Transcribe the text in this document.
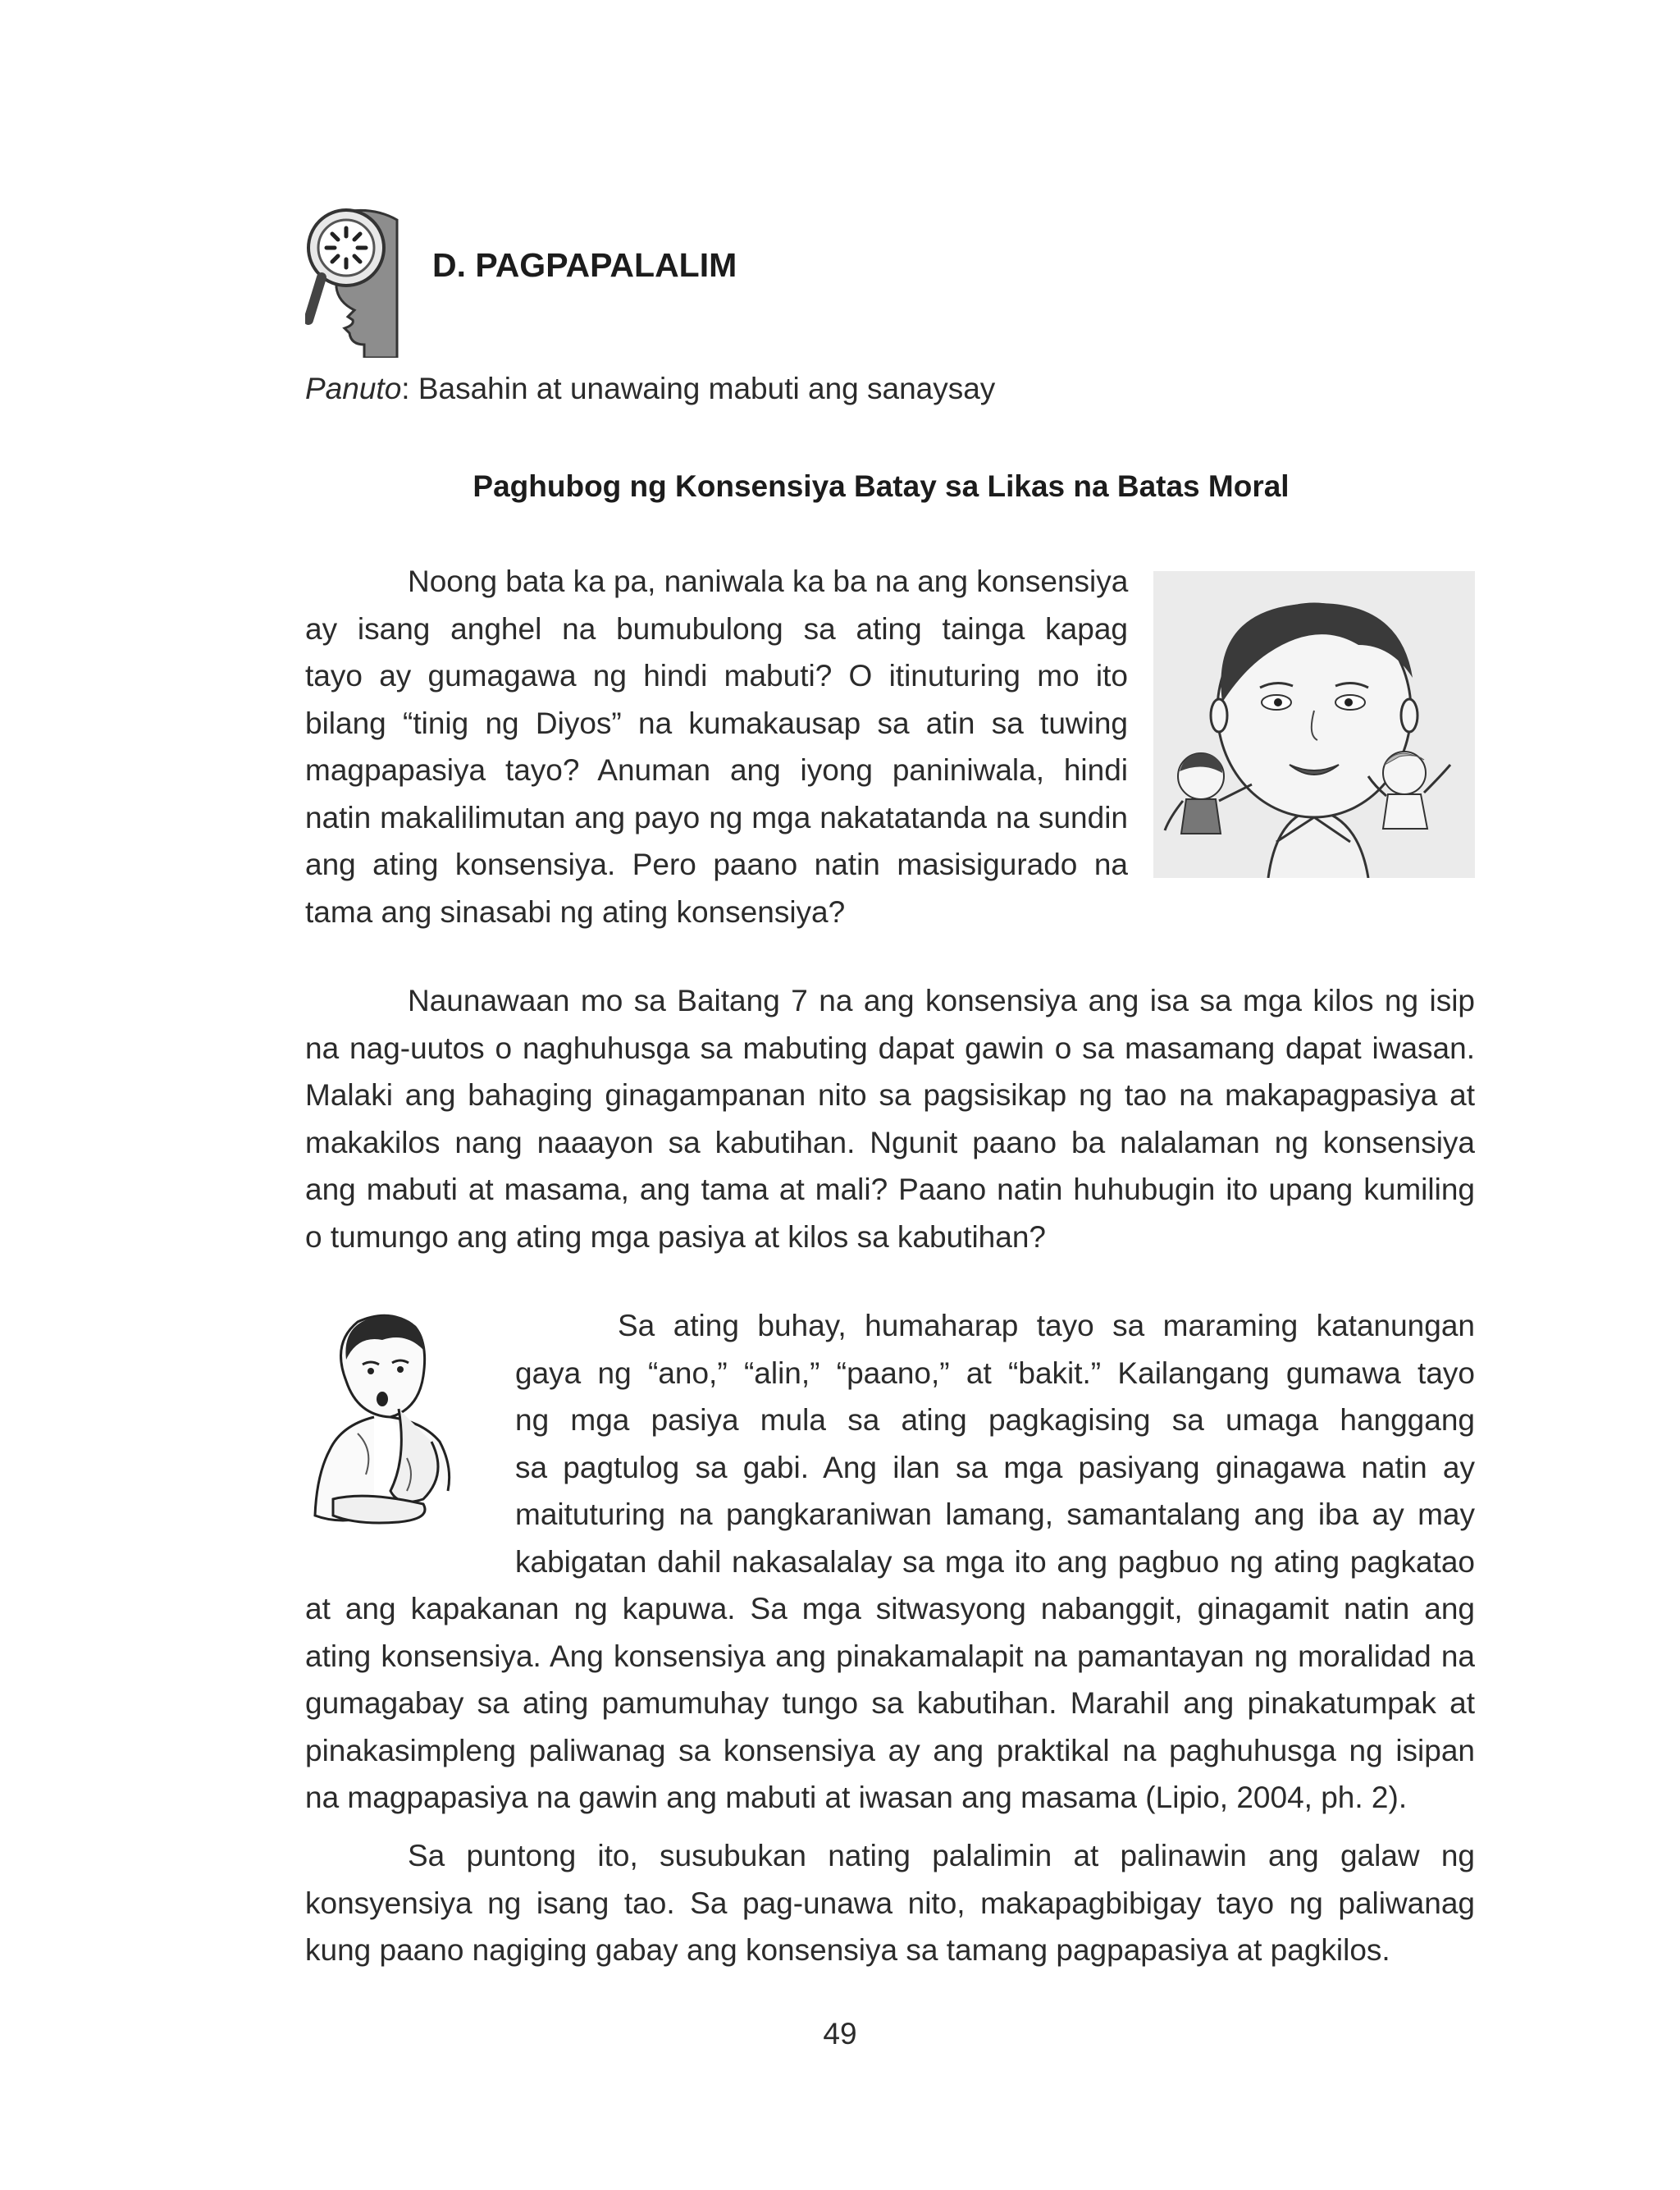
D. PAGPAPALALIM

Panuto: Basahin at unawaing mabuti ang sanaysay

Paghubog ng Konsensiya Batay sa Likas na Batas Moral
Noong bata ka pa, naniwala ka ba na ang konsensiya
ay isang anghel na bumubulong sa ating tainga kapag
tayo ay gumagawa ng hindi mabuti? O itinuturing mo ito
bilang “tinig ng Diyos” na kumakausap sa atin sa tuwing
magpapasiya tayo? Anuman ang iyong paniniwala, hindi
natin makalilimutan ang payo ng mga nakatatanda na sundin
ang ating konsensiya. Pero paano natin masisigurado na
tama ang sinasabi ng ating konsensiya?
Naunawaan mo sa Baitang 7 na ang konsensiya ang isa sa mga kilos ng isip
na nag-uutos o naghuhusga sa mabuting dapat gawin o sa masamang dapat iwasan.
Malaki ang bahaging ginagampanan nito sa pagsisikap ng tao na makapagpasiya at
makakilos nang naaayon sa kabutihan. Ngunit paano ba nalalaman ng konsensiya
ang mabuti at masama, ang tama at mali? Paano natin huhubugin ito upang kumiling
o tumungo ang ating mga pasiya at kilos sa kabutihan?
Sa ating buhay, humaharap tayo sa maraming katanungan
gaya ng “ano,” “alin,” “paano,” at “bakit.” Kailangang gumawa tayo
ng mga pasiya mula sa ating pagkagising sa umaga hanggang
sa pagtulog sa gabi. Ang ilan sa mga pasiyang ginagawa natin ay
maituturing na pangkaraniwan lamang, samantalang ang iba ay may
kabigatan dahil nakasalalay sa mga ito ang pagbuo ng ating pagkatao
at ang kapakanan ng kapuwa. Sa mga sitwasyong nabanggit, ginagamit natin ang
ating konsensiya. Ang konsensiya ang pinakamalapit na pamantayan ng moralidad na
gumagabay sa ating pamumuhay tungo sa kabutihan. Marahil ang pinakatumpak at
pinakasimpleng paliwanag sa konsensiya ay ang praktikal na paghuhusga ng isipan
na magpapasiya na gawin ang mabuti at iwasan ang masama (Lipio, 2004, ph. 2).
Sa puntong ito, susubukan nating palalimin at palinawin ang galaw ng
konsyensiya ng isang tao. Sa pag-unawa nito, makapagbibigay tayo ng paliwanag
kung paano nagiging gabay ang konsensiya sa tamang pagpapasiya at pagkilos.

49
